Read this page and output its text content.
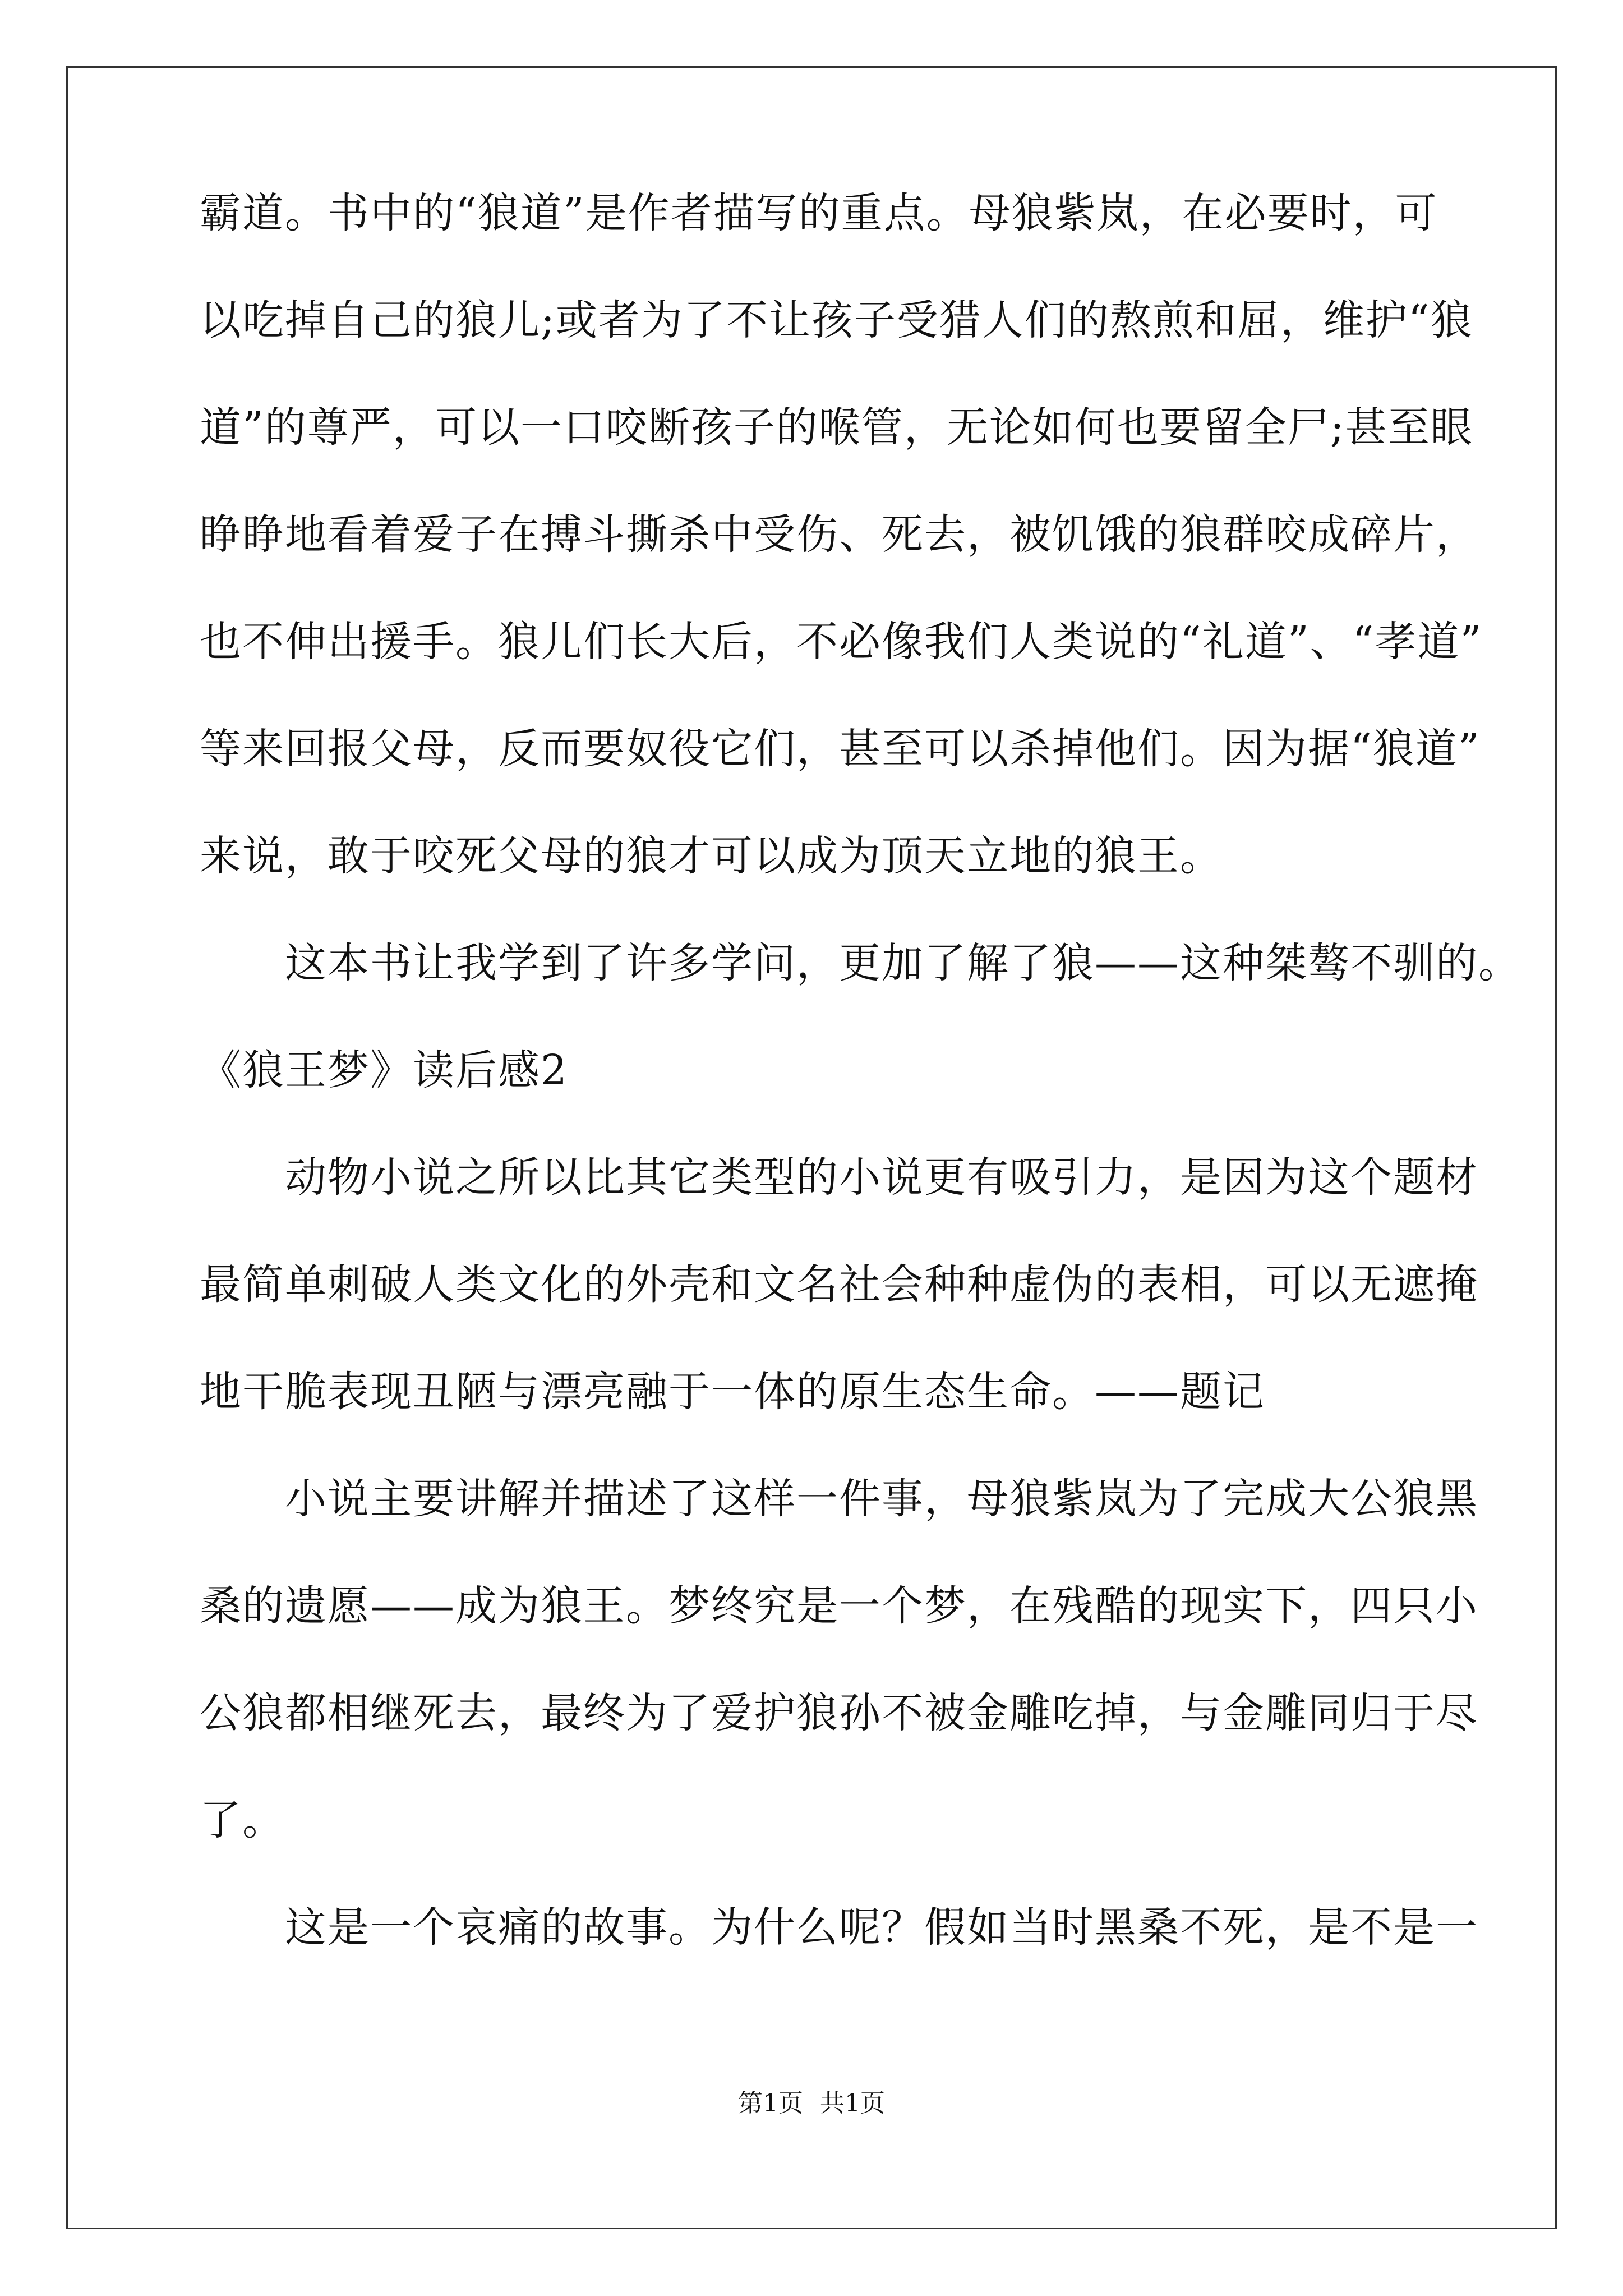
霸道。书中的“狼道”是作者描写的重点。母狼紫岚，在必要时，可
以吃掉自己的狼儿;或者为了不让孩子受猎人们的熬煎和屈，维护“狼
道”的尊严，可以一口咬断孩子的喉管，无论如何也要留全尸;甚至眼
睁睁地看着爱子在搏斗撕杀中受伤、死去，被饥饿的狼群咬成碎片，
也不伸出援手。狼儿们长大后，不必像我们人类说的“礼道”、“孝道”
等来回报父母，反而要奴役它们，甚至可以杀掉他们。因为据“狼道”
来说，敢于咬死父母的狼才可以成为顶天立地的狼王。
　　这本书让我学到了许多学问，更加了解了狼——这种桀骜不驯的。
《狼王梦》读后感2
　　动物小说之所以比其它类型的小说更有吸引力，是因为这个题材
最简单刺破人类文化的外壳和文名社会种种虚伪的表相，可以无遮掩
地干脆表现丑陋与漂亮融于一体的原生态生命。——题记
　　小说主要讲解并描述了这样一件事，母狼紫岚为了完成大公狼黑
桑的遗愿——成为狼王。梦终究是一个梦，在残酷的现实下，四只小
公狼都相继死去，最终为了爱护狼孙不被金雕吃掉，与金雕同归于尽
了。
　　这是一个哀痛的故事。为什么呢？假如当时黑桑不死，是不是一
第1页 共1页
